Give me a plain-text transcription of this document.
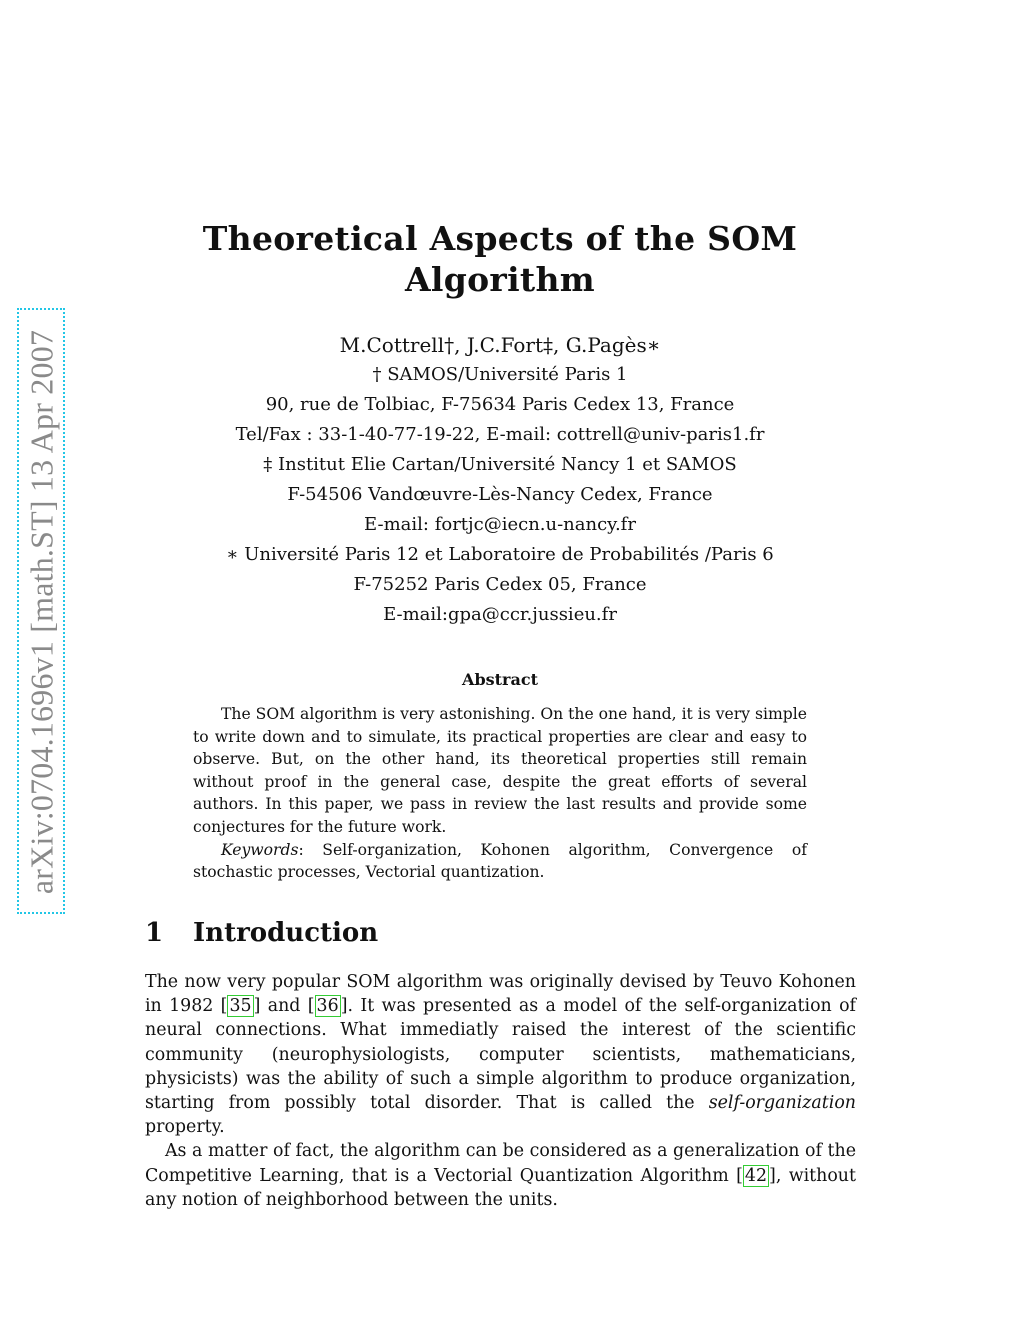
arXiv:0704.1696v1 [math.ST] 13 Apr 2007
Theoretical Aspects of the SOM
Algorithm
M.Cottrell†, J.C.Fort‡, G.Pagès∗
† SAMOS/Université Paris 1
90, rue de Tolbiac, F-75634 Paris Cedex 13, France
Tel/Fax : 33-1-40-77-19-22, E-mail: cottrell@univ-paris1.fr
‡ Institut Elie Cartan/Université Nancy 1 et SAMOS
F-54506 Vandœuvre-Lès-Nancy Cedex, France
E-mail: fortjc@iecn.u-nancy.fr
∗ Université Paris 12 et Laboratoire de Probabilités /Paris 6
F-75252 Paris Cedex 05, France
E-mail:gpa@ccr.jussieu.fr
Abstract

The SOM algorithm is very astonishing. On the one hand, it is very simple to write down and to simulate, its practical properties are clear and easy to observe. But, on the other hand, its theoretical properties still remain without proof in the general case, despite the great efforts of several authors. In this paper, we pass in review the last results and provide some conjectures for the future work.

Keywords: Self-organization, Kohonen algorithm, Convergence of stochastic processes, Vectorial quantization.

1 Introduction

The now very popular SOM algorithm was originally devised by Teuvo Kohonen in 1982 [ 35 ] and [ 36 ]. It was presented as a model of the self-organization of neural connections. What immediatly raised the interest of the scientific community (neurophysiologists, computer scientists, mathematicians, physicists) was the ability of such a simple algorithm to produce organization, starting from possibly total disorder. That is called the self-organization property.

As a matter of fact, the algorithm can be considered as a generalization of the Competitive Learning, that is a Vectorial Quantization Algorithm [ 42 ], without any notion of neighborhood between the units.
